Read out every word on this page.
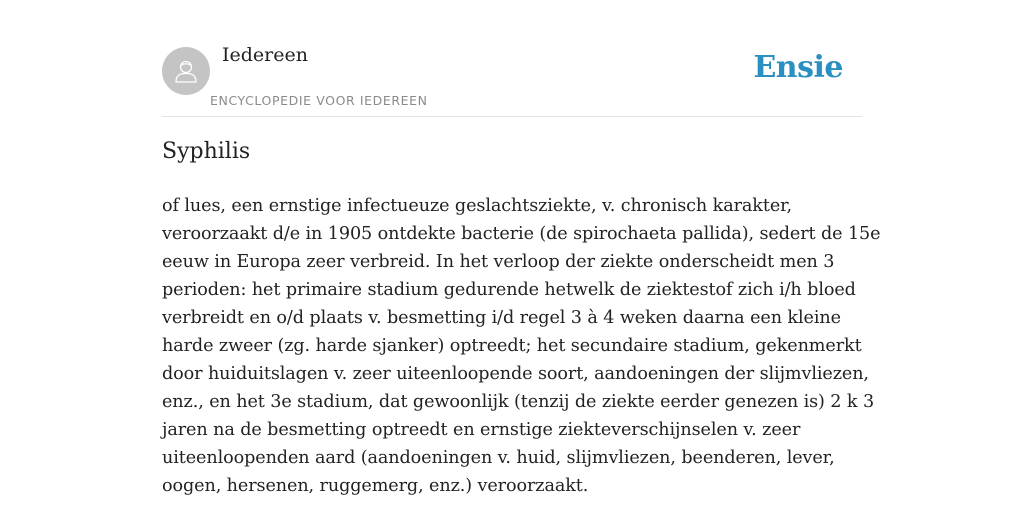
Iedereen
ENCYCLOPEDIE VOOR IEDEREEN
Ensie
Syphilis
of lues, een ernstige infectueuze geslachtsziekte, v. chronisch karakter,
veroorzaakt d/e in 1905 ontdekte bacterie (de spirochaeta pallida), sedert de 15e
eeuw in Europa zeer verbreid. In het verloop der ziekte onderscheidt men 3
perioden: het primaire stadium gedurende hetwelk de ziektestof zich i/h bloed
verbreidt en o/d plaats v. besmetting i/d regel 3 à 4 weken daarna een kleine
harde zweer (zg. harde sjanker) optreedt; het secundaire stadium, gekenmerkt
door huiduitslagen v. zeer uiteenloopende soort, aandoeningen der slijmvliezen,
enz., en het 3e stadium, dat gewoonlijk (tenzij de ziekte eerder genezen is) 2 k 3
jaren na de besmetting optreedt en ernstige ziekteverschijnselen v. zeer
uiteenloopenden aard (aandoeningen v. huid, slijmvliezen, beenderen, lever,
oogen, hersenen, ruggemerg, enz.) veroorzaakt.
